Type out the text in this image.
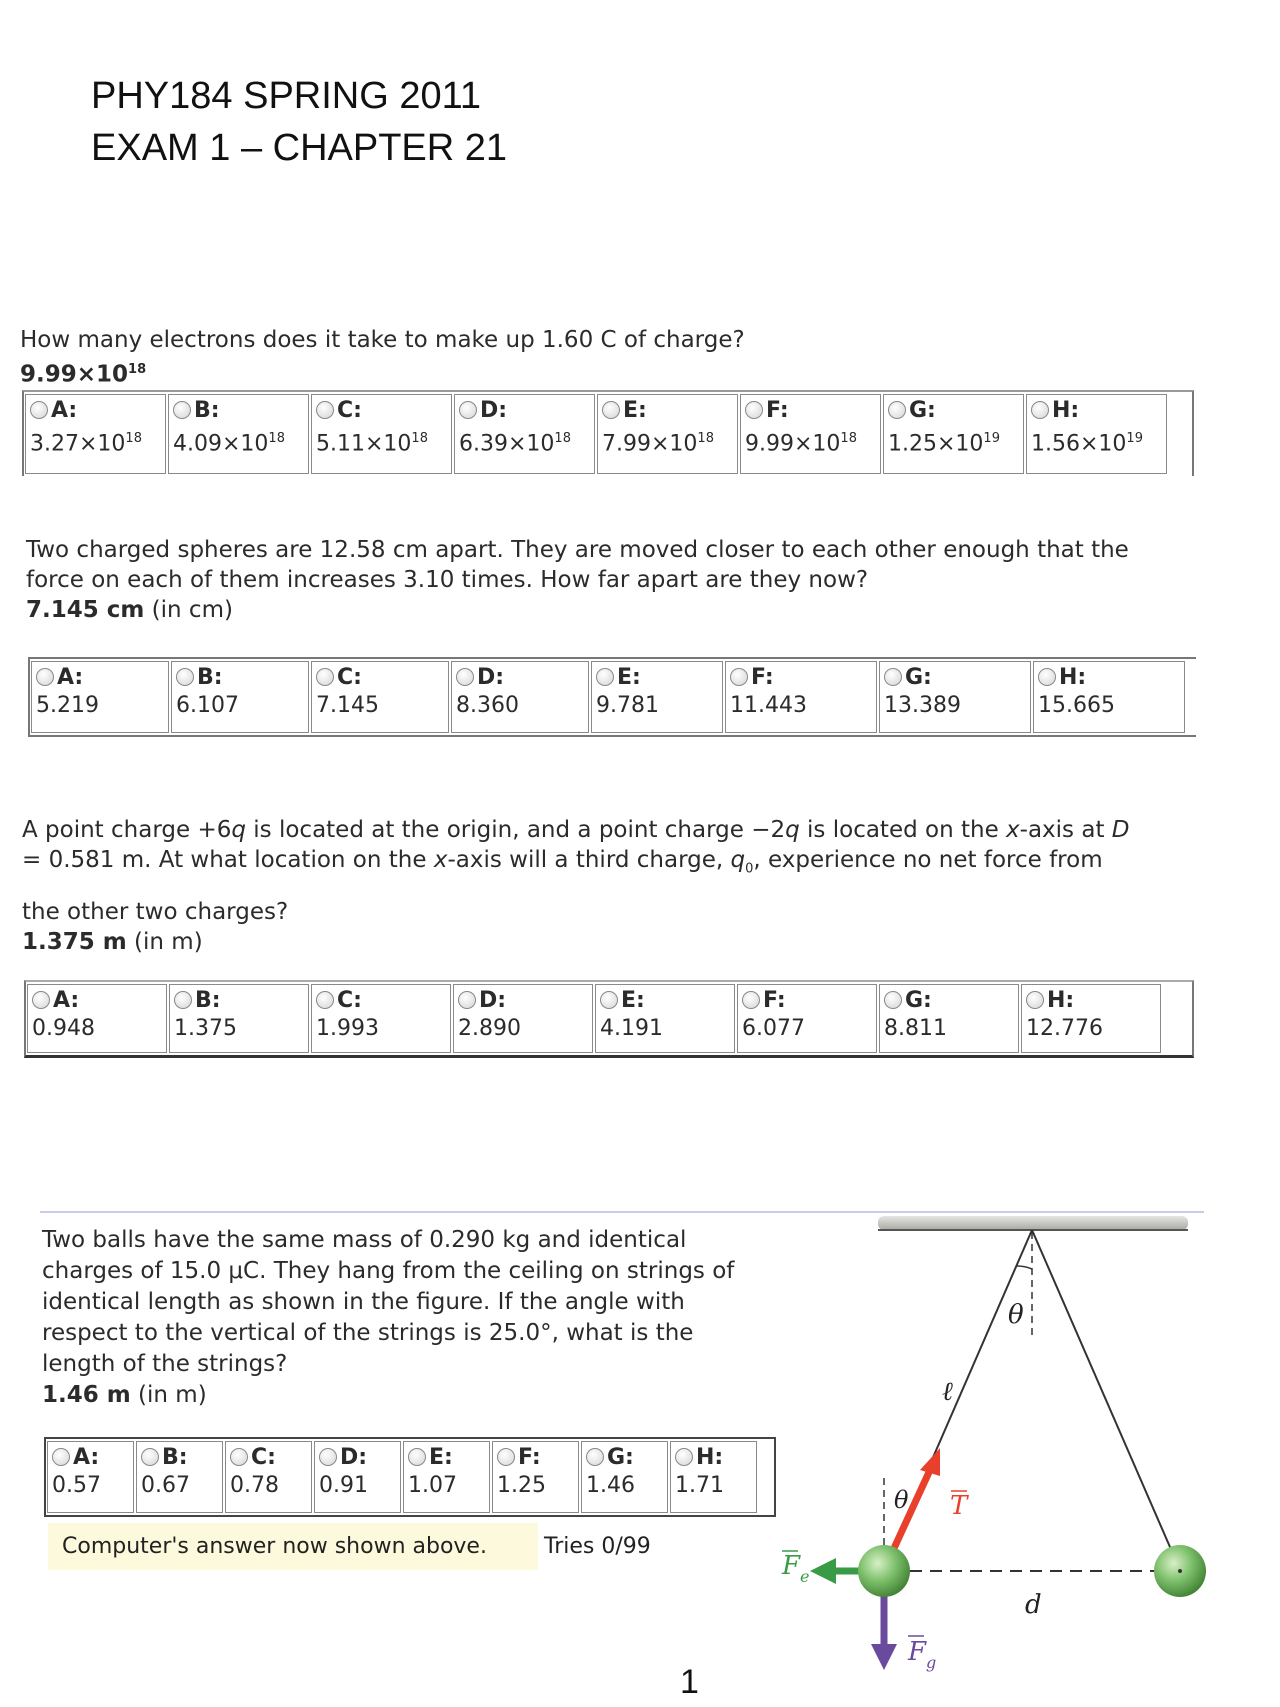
PHY184 SPRING 2011
EXAM 1 – CHAPTER 21
How many electrons does it take to make up 1.60 C of charge?
$9.99\times 10^{18}$
A:
$3.27\times 10^{18}$
B:
$4.09\times 10^{18}$
C:
$5.11\times 10^{18}$
D:
$6.39\times 10^{18}$
E:
$7.99\times 10^{18}$
F:
$9.99\times 10^{18}$
G:
$1.25\times 10^{19}$
H:
$1.56\times 10^{19}$
Two charged spheres are 12.58 cm apart. They are moved closer to each other enough that the
force on each of them increases 3.10 times. How far apart are they now?
7.145 cm (in cm)
A:
5.219
B:
6.107
C:
7.145
D:
8.360
E:
9.781
F:
11.443
G:
13.389
H:
15.665
A point charge +6q is located at the origin, and a point charge −2q is located on the x-axis at D
= 0.581 m. At what location on the x-axis will a third charge, $q_0$, experience no net force from
the other two charges?
1.375 m (in m)
A:
0.948
B:
1.375
C:
1.993
D:
2.890
E:
4.191
F:
6.077
G:
8.811
H:
12.776
Two balls have the same mass of 0.290 kg and identical
charges of 15.0 μC. They hang from the ceiling on strings of
identical length as shown in the figure. If the angle with
respect to the vertical of the strings is 25.0°, what is the
length of the strings?
1.46 m (in m)
A:
0.57
B:
0.67
C:
0.78
D:
0.91
E:
1.07
F:
1.25
G:
1.46
H:
1.71
Computer's answer now shown above.	Tries 0/99
θ
ℓ
θ T
$F_e$
$F_g$
d
1
